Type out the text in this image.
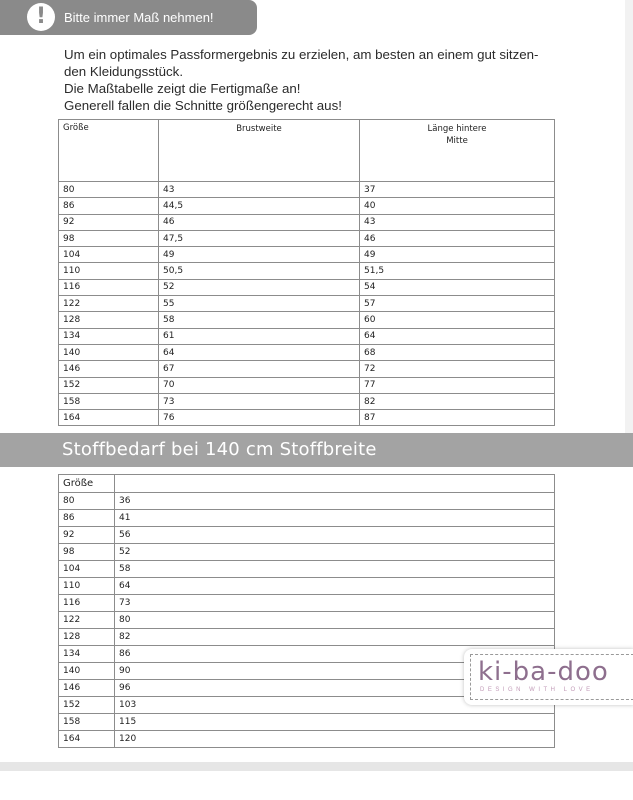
!	Bitte immer Maß nehmen!
Um ein optimales Passformergebnis zu erzielen, am besten an einem gut sitzen-
den Kleidungsstück.
Die Maßtabelle zeigt die Fertigmaße an!
Generell fallen die Schnitte größengerecht aus!
Größe	Brustweite	Länge hintere Mitte
80	43	37
86	44,5	40
92	46	43
98	47,5	46
104	49	49
110	50,5	51,5
116	52	54
122	55	57
128	58	60
134	61	64
140	64	68
146	67	72
152	70	77
158	73	82
164	76	87
Stoffbedarf bei 140 cm Stoffbreite
Größe	
80	36
86	41
92	56
98	52
104	58
110	64
116	73
122	80
128	82
134	86
140	90
146	96
152	103
158	115
164	120
ki-ba-doo
DESIGN WITH LOVE
